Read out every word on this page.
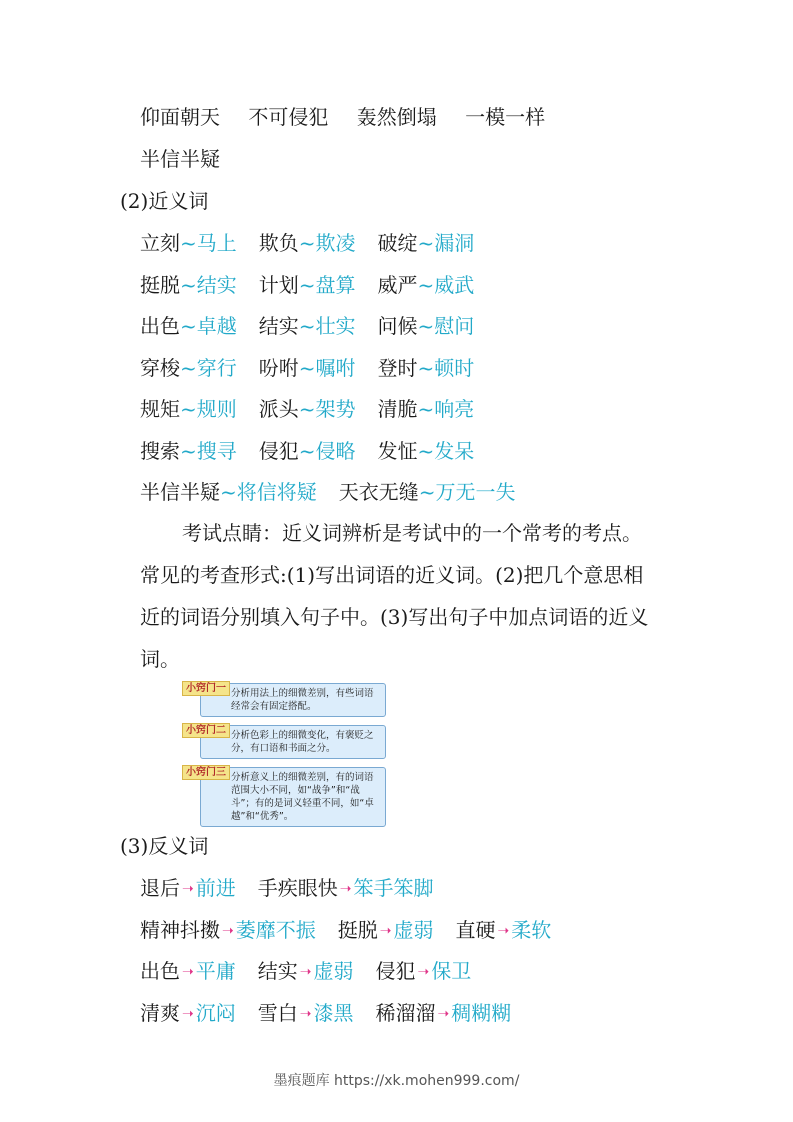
仰面朝天 不可侵犯 轰然倒塌 一模一样
半信半疑
(2)近义词
立刻~马上 欺负~欺凌 破绽~漏洞
挺脱~结实 计划~盘算 威严~威武
出色~卓越 结实~壮实 问候~慰问
穿梭~穿行 吩咐~嘱咐 登时~顿时
规矩~规则 派头~架势 清脆~响亮
搜索~搜寻 侵犯~侵略 发怔~发呆
半信半疑~将信将疑 天衣无缝~万无一失
考试点睛：近义词辨析是考试中的一个常考的考点。
常见的考查形式:(1)写出词语的近义词。(2)把几个意思相
近的词语分别填入句子中。(3)写出句子中加点词语的近义
词。
小窍门一 分析用法上的细微差别，有些词语经常会有固定搭配。
小窍门二 分析色彩上的细微变化，有褒贬之分，有口语和书面之分。
小窍门三 分析意义上的细微差别，有的词语范围大小不同，如“战争”和“战斗”；有的是词义轻重不同，如“卓越”和“优秀”。
(3)反义词
退后 ➝ 前进 手疾眼快 ➝ 笨手笨脚
精神抖擞 ➝ 萎靡不振 挺脱 ➝ 虚弱 直硬 ➝ 柔软
出色 ➝ 平庸 结实 ➝ 虚弱 侵犯 ➝ 保卫
清爽 ➝ 沉闷 雪白 ➝ 漆黑 稀溜溜 ➝ 稠糊糊
墨痕题库 https://xk.mohen999.com/
